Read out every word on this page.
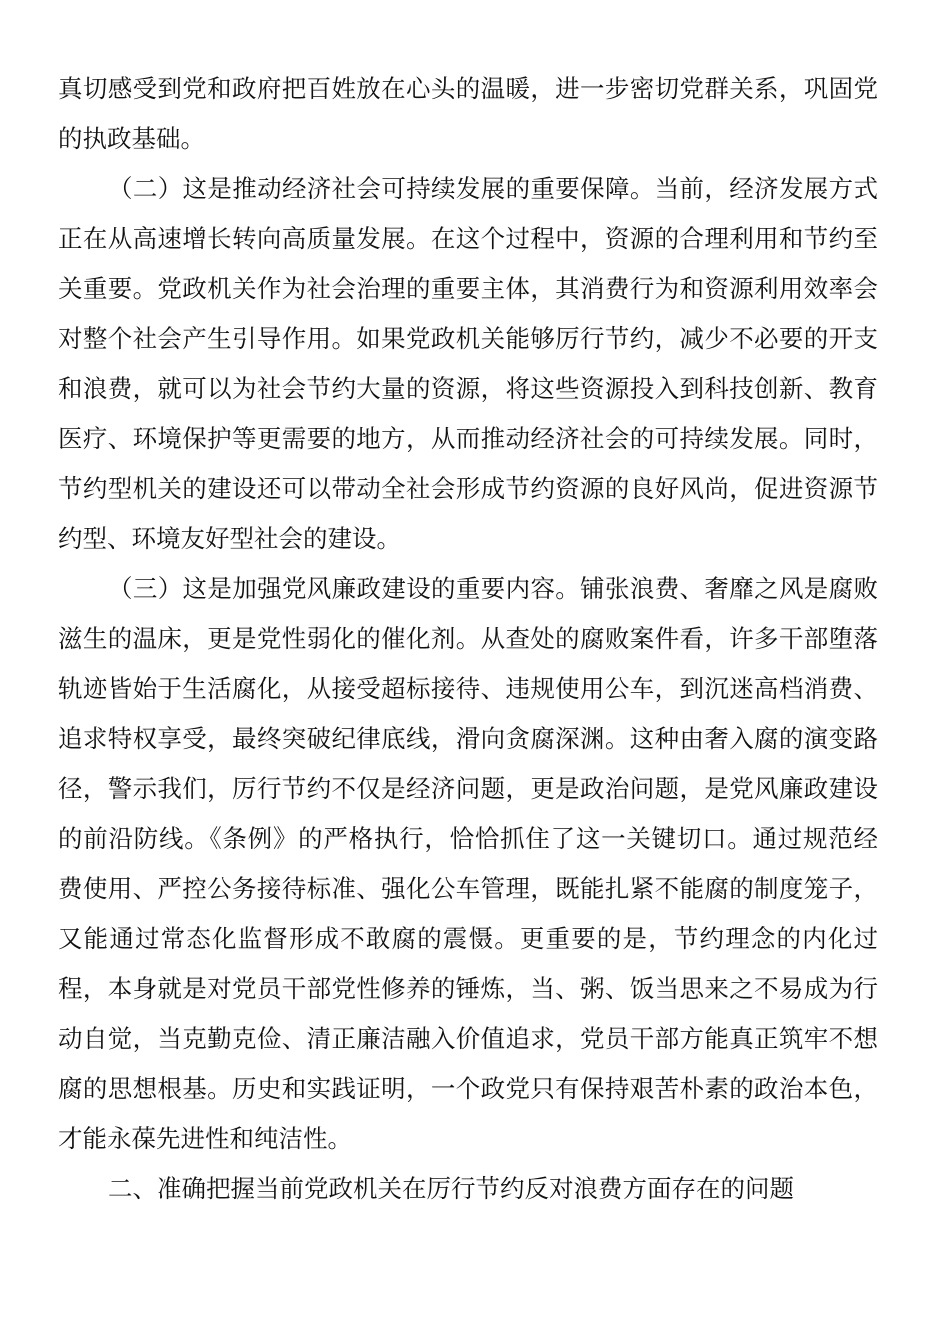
真切感受到党和政府把百姓放在心头的温暖，进一步密切党群关系，巩固党的执政基础。

（二）这是推动经济社会可持续发展的重要保障。当前，经济发展方式正在从高速增长转向高质量发展。在这个过程中，资源的合理利用和节约至关重要。党政机关作为社会治理的重要主体，其消费行为和资源利用效率会对整个社会产生引导作用。如果党政机关能够厉行节约，减少不必要的开支和浪费，就可以为社会节约大量的资源，将这些资源投入到科技创新、教育医疗、环境保护等更需要的地方，从而推动经济社会的可持续发展。同时，节约型机关的建设还可以带动全社会形成节约资源的良好风尚，促进资源节约型、环境友好型社会的建设。

（三）这是加强党风廉政建设的重要内容。铺张浪费、奢靡之风是腐败滋生的温床，更是党性弱化的催化剂。从查处的腐败案件看，许多干部堕落轨迹皆始于生活腐化，从接受超标接待、违规使用公车，到沉迷高档消费、追求特权享受，最终突破纪律底线，滑向贪腐深渊。这种由奢入腐的演变路径，警示我们，厉行节约不仅是经济问题，更是政治问题，是党风廉政建设的前沿防线。《条例》的严格执行，恰恰抓住了这一关键切口。通过规范经费使用、严控公务接待标准、强化公车管理，既能扎紧不能腐的制度笼子，又能通过常态化监督形成不敢腐的震慑。更重要的是，节约理念的内化过程，本身就是对党员干部党性修养的锤炼，当、粥、饭当思来之不易成为行动自觉，当克勤克俭、清正廉洁融入价值追求，党员干部方能真正筑牢不想腐的思想根基。历史和实践证明，一个政党只有保持艰苦朴素的政治本色，才能永葆先进性和纯洁性。

二、准确把握当前党政机关在厉行节约反对浪费方面存在的问题
